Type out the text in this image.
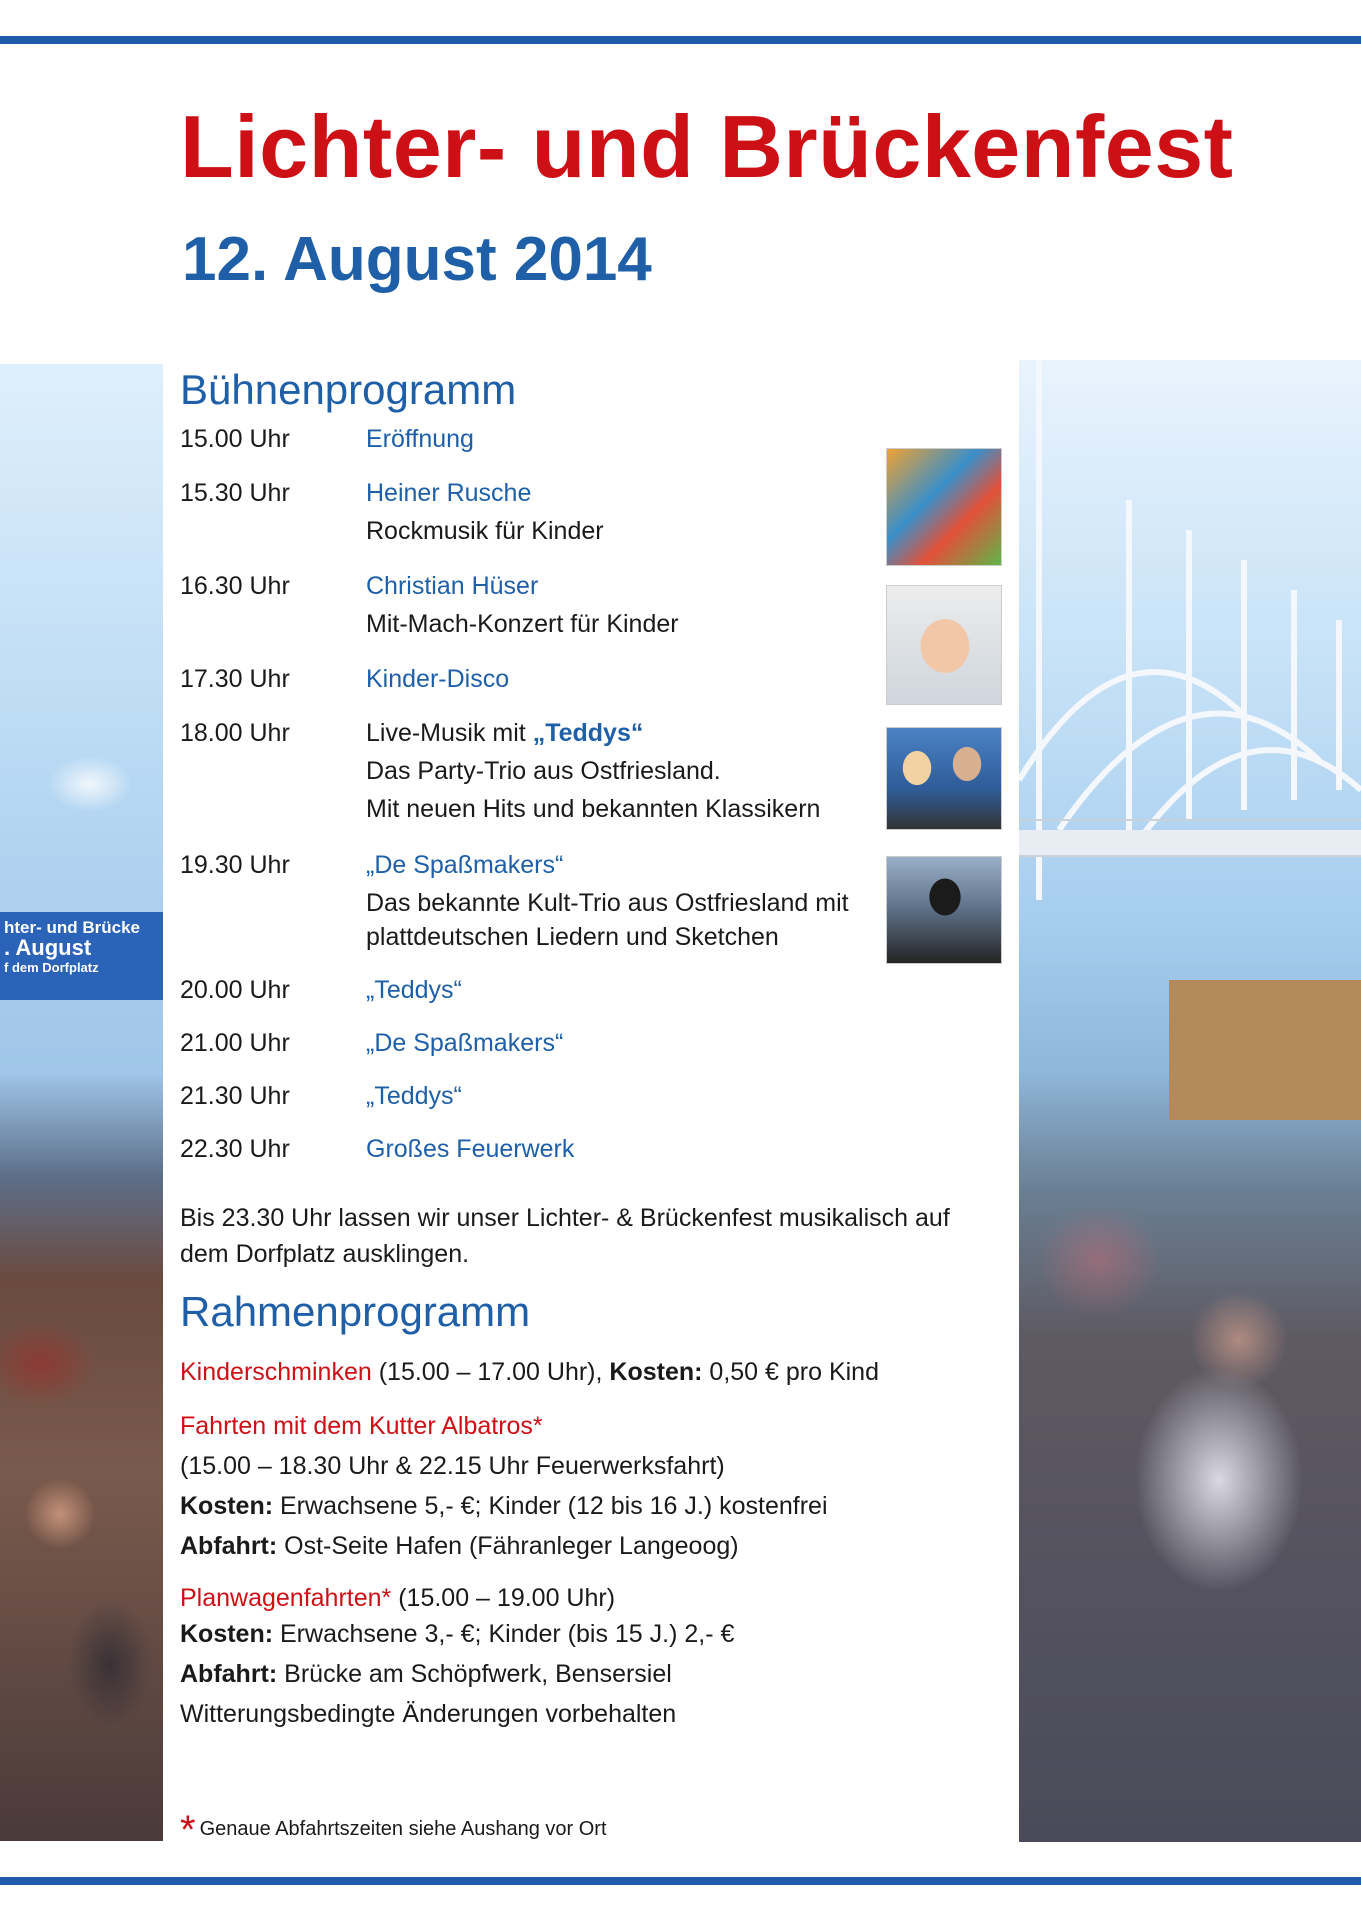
Lichter- und Brückenfest
12. August 2014
hter- und Brücke
. August
f dem Dorfplatz
Bühnenprogramm
15.00 Uhr	Eröffnung
15.30 Uhr	Heiner Rusche
Rockmusik für Kinder
16.30 Uhr	Christian Hüser
Mit-Mach-Konzert für Kinder
17.30 Uhr	Kinder-Disco
18.00 Uhr	Live-Musik mit „Teddys“
Das Party-Trio aus Ostfriesland.
Mit neuen Hits und bekannten Klassikern
19.30 Uhr	„De Spaßmakers“
Das bekannte Kult-Trio aus Ostfriesland mit
plattdeutschen Liedern und Sketchen
20.00 Uhr	„Teddys“
21.00 Uhr	„De Spaßmakers“
21.30 Uhr	„Teddys“
22.30 Uhr	Großes Feuerwerk

Bis 23.30 Uhr lassen wir unser Lichter- & Brückenfest musikalisch auf dem Dorfplatz ausklingen.

Rahmenprogramm
Kinderschminken (15.00 – 17.00 Uhr), Kosten: 0,50 € pro Kind
Fahrten mit dem Kutter Albatros*
(15.00 – 18.30 Uhr & 22.15 Uhr Feuerwerksfahrt)
Kosten: Erwachsene 5,- €; Kinder (12 bis 16 J.) kostenfrei
Abfahrt: Ost-Seite Hafen (Fähranleger Langeoog)
Planwagenfahrten* (15.00 – 19.00 Uhr)
Kosten: Erwachsene 3,- €; Kinder (bis 15 J.) 2,- €
Abfahrt: Brücke am Schöpfwerk, Bensersiel
Witterungsbedingte Änderungen vorbehalten
* Genaue Abfahrtszeiten siehe Aushang vor Ort
